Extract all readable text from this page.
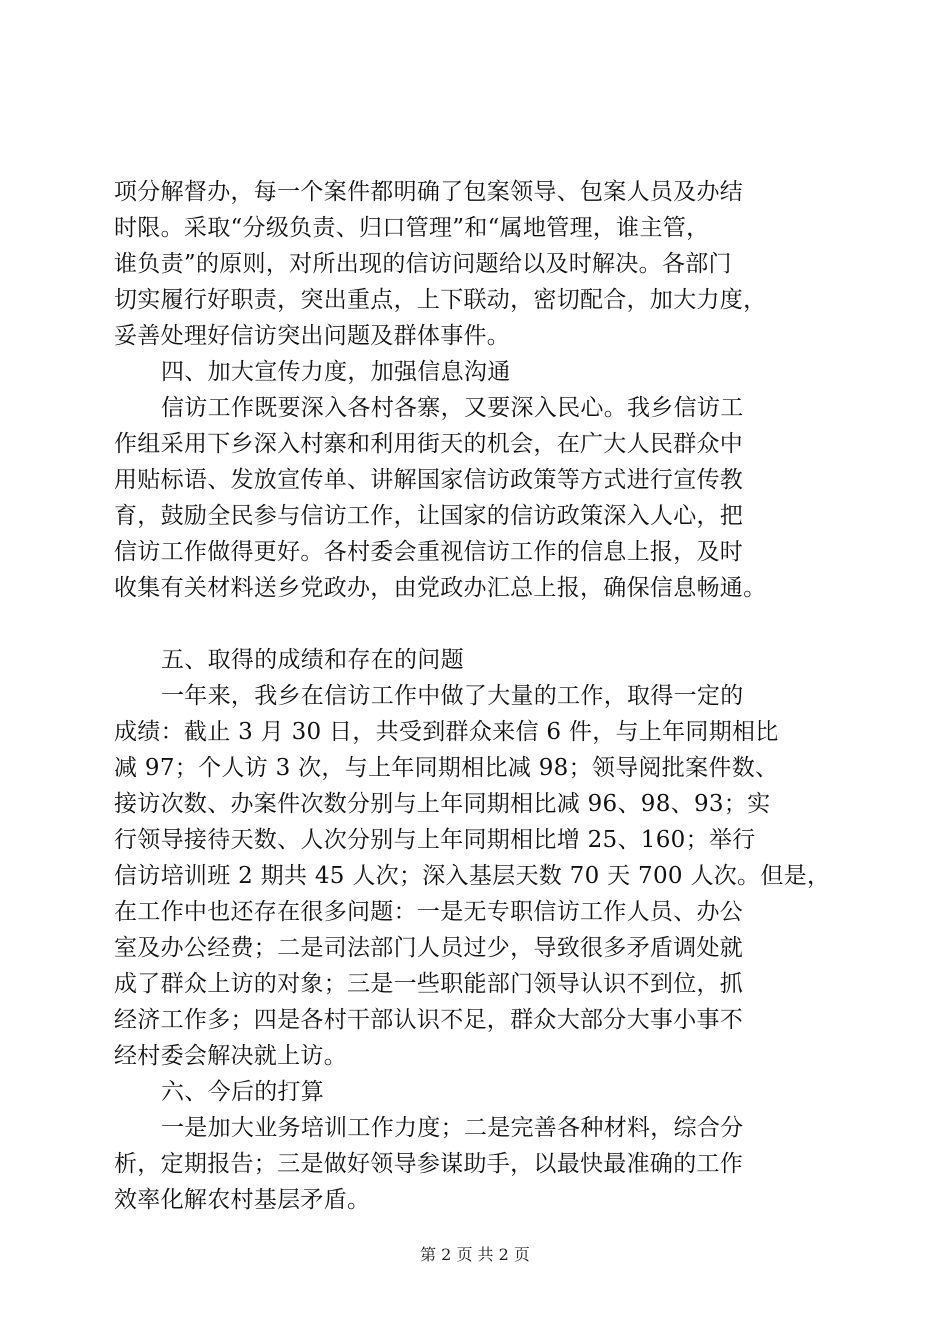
项分解督办，每一个案件都明确了包案领导、包案人员及办结
时限。采取“分级负责、归口管理”和“属地管理，谁主管，
谁负责”的原则，对所出现的信访问题给以及时解决。各部门
切实履行好职责，突出重点，上下联动，密切配合，加大力度，
妥善处理好信访突出问题及群体事件。
四、加大宣传力度，加强信息沟通
信访工作既要深入各村各寨，又要深入民心。我乡信访工
作组采用下乡深入村寨和利用街天的机会，在广大人民群众中
用贴标语、发放宣传单、讲解国家信访政策等方式进行宣传教
育，鼓励全民参与信访工作，让国家的信访政策深入人心，把
信访工作做得更好。各村委会重视信访工作的信息上报，及时
收集有关材料送乡党政办，由党政办汇总上报，确保信息畅通。
五、取得的成绩和存在的问题
一年来，我乡在信访工作中做了大量的工作，取得一定的
成绩：截止 3 月 30 日，共受到群众来信 6 件，与上年同期相比
减 97；个人访 3 次，与上年同期相比减 98；领导阅批案件数、
接访次数、办案件次数分别与上年同期相比减 96、98、93；实
行领导接待天数、人次分别与上年同期相比增 25、160；举行
信访培训班 2 期共 45 人次；深入基层天数 70 天 700 人次。但是，
在工作中也还存在很多问题：一是无专职信访工作人员、办公
室及办公经费；二是司法部门人员过少，导致很多矛盾调处就
成了群众上访的对象；三是一些职能部门领导认识不到位，抓
经济工作多；四是各村干部认识不足，群众大部分大事小事不
经村委会解决就上访。
六、今后的打算
一是加大业务培训工作力度；二是完善各种材料，综合分
析，定期报告；三是做好领导参谋助手，以最快最准确的工作
效率化解农村基层矛盾。
第 2 页 共 2 页
